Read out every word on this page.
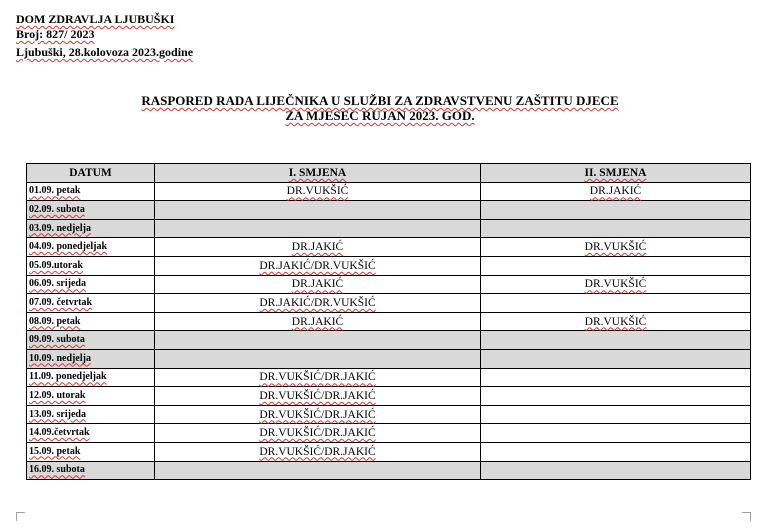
DOM ZDRAVLJA LJUBUŠKI
Broj: 827/ 2023
Ljubuški, 28.kolovoza 2023.godine
RASPORED RADA LIJEČNIKA U SLUŽBI ZA ZDRAVSTVENU ZAŠTITU DJECE
ZA MJESEC RUJAN 2023. GOD.
DATUM	I. SMJENA	II. SMJENA
01.09. petak	DR.VUKŠIĆ	DR.JAKIĆ
02.09. subota		
03.09. nedjelja		
04.09. ponedjeljak	DR.JAKIĆ	DR.VUKŠIĆ
05.09.utorak	DR.JAKIĆ/DR.VUKŠIĆ	
06.09. srijeda	DR.JAKIĆ	DR.VUKŠIĆ
07.09. četvrtak	DR.JAKIĆ/DR.VUKŠIĆ	
08.09. petak	DR.JAKIĆ	DR.VUKŠIĆ
09.09. subota		
10.09. nedjelja		
11.09. ponedjeljak	DR.VUKŠIĆ/DR.JAKIĆ	
12.09. utorak	DR.VUKŠIĆ/DR.JAKIĆ	
13.09. srijeda	DR.VUKŠIĆ/DR.JAKIĆ	
14.09.četvrtak	DR.VUKŠIĆ/DR.JAKIĆ	
15.09. petak	DR.VUKŠIĆ/DR.JAKIĆ	
16.09. subota		
